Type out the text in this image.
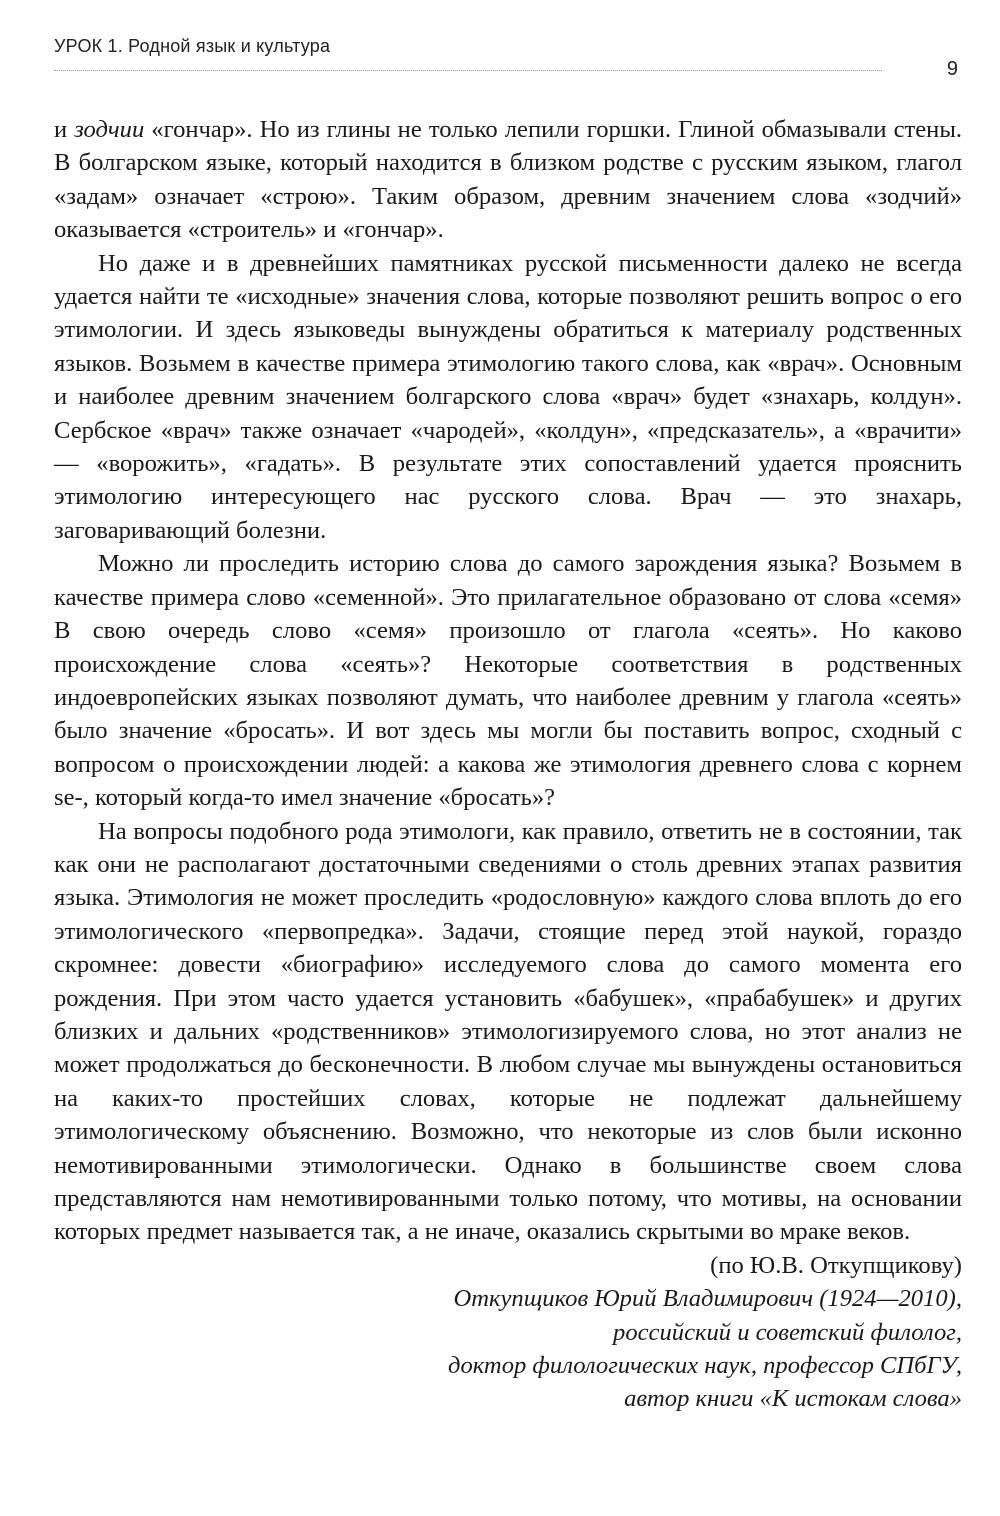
УРОК 1. Родной язык и культура
9

и зодчии «гончар». Но из глины не только лепили горшки. Глиной обмазывали стены. В болгарском языке, который находится в близком родстве с русским языком, глагол «задам» означает «строю». Таким образом, древним значением слова «зодчий» оказывается «строитель» и «гончар».

Но даже и в древнейших памятниках русской письменности далеко не всегда удается найти те «исходные» значения слова, которые позволяют решить вопрос о его этимологии. И здесь языковеды вынуждены обратиться к материалу родственных языков. Возьмем в качестве примера этимологию такого слова, как «врач». Основным и наиболее древним значением болгарского слова «врач» будет «знахарь, колдун». Сербское «врач» также означает «чародей», «колдун», «предсказатель», а «врачити» — «ворожить», «гадать». В результате этих сопоставлений удается прояснить этимологию интересующего нас русского слова. Врач — это знахарь, заговаривающий болезни.

Можно ли проследить историю слова до самого зарождения языка? Возьмем в качестве примера слово «семенной». Это прилагательное образовано от слова «семя» В свою очередь слово «семя» произошло от глагола «сеять». Но каково происхождение слова «сеять»? Некоторые соответствия в родственных индоевропейских языках позволяют думать, что наиболее древним у глагола «сеять» было значение «бросать». И вот здесь мы могли бы поставить вопрос, сходный с вопросом о происхождении людей: а какова же этимология древнего слова с корнем se-, который когда-то имел значение «бросать»?

На вопросы подобного рода этимологи, как правило, ответить не в состоянии, так как они не располагают достаточными сведениями о столь древних этапах развития языка. Этимология не может проследить «родословную» каждого слова вплоть до его этимологического «первопредка». Задачи, стоящие перед этой наукой, гораздо скромнее: довести «биографию» исследуемого слова до самого момента его рождения. При этом часто удается установить «бабушек», «прабабушек» и других близких и дальних «родственников» этимологизируемого слова, но этот анализ не может продолжаться до бесконечности. В любом случае мы вынуждены остановиться на каких-то простейших словах, которые не подлежат дальнейшему этимологическому объяснению. Возможно, что некоторые из слов были исконно немотивированными этимологически. Однако в большинстве своем слова представляются нам немотивированными только потому, что мотивы, на основании которых предмет называется так, а не иначе, оказались скрытыми во мраке веков.

(по Ю.В. Откупщикову)

Откупщиков Юрий Владимирович (1924—2010),
российский и советский филолог,
доктор филологических наук, профессор СПбГУ,
автор книги «К истокам слова»
